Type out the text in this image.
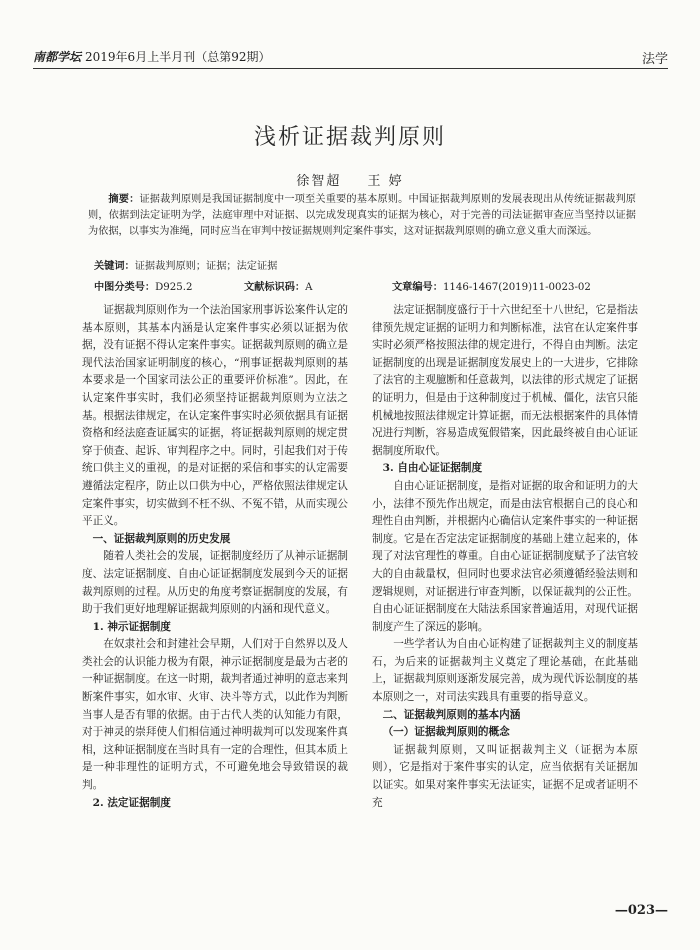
南都学坛 2019年6月上半月刊（总第92期）	法学
浅析证据裁判原则
徐智超 王 婷
摘要：证据裁判原则是我国证据制度中一项至关重要的基本原则。中国证据裁判原则的发展表现出从传统证据裁判原则，依据到法定证明为学，法庭审理中对证据、以完成发现真实的证据为核心，对于完善的司法证据审查应当坚持以证据为依据，以事实为准绳，同时应当在审判中按证据规则判定案件事实，这对证据裁判原则的确立意义重大而深远。
关键词：证据裁判原则；证据；法定证据
中图分类号：D925.2	文献标识码：A	文章编号：1146-1467(2019)11-0023-02

证据裁判原则作为一个法治国家刑事诉讼案件认定的基本原则，其基本内涵是认定案件事实必须以证据为依据，没有证据不得认定案件事实。证据裁判原则的确立是现代法治国家证明制度的核心，“刑事证据裁判原则的基本要求是一个国家司法公正的重要评价标准”。因此，在认定案件事实时，我们必须坚持证据裁判原则为立法之基。根据法律规定，在认定案件事实时必须依据具有证据资格和经法庭查证属实的证据，将证据裁判原则的规定贯穿于侦查、起诉、审判程序之中。同时，引起我们对于传统口供主义的重视，的是对证据的采信和事实的认定需要遵循法定程序，防止以口供为中心，严格依照法律规定认定案件事实，切实做到不枉不纵、不冤不错，从而实现公平正义。

一、证据裁判原则的历史发展

随着人类社会的发展，证据制度经历了从神示证据制度、法定证据制度、自由心证证据制度发展到今天的证据裁判原则的过程。从历史的角度考察证据制度的发展，有助于我们更好地理解证据裁判原则的内涵和现代意义。

1. 神示证据制度

在奴隶社会和封建社会早期，人们对于自然界以及人类社会的认识能力极为有限，神示证据制度是最为古老的一种证据制度。在这一时期，裁判者通过神明的意志来判断案件事实，如水审、火审、决斗等方式，以此作为判断当事人是否有罪的依据。由于古代人类的认知能力有限，对于神灵的崇拜使人们相信通过神明裁判可以发现案件真相，这种证据制度在当时具有一定的合理性，但其本质上是一种非理性的证明方式，不可避免地会导致错误的裁判。

2. 法定证据制度

法定证据制度盛行于十六世纪至十八世纪，它是指法律预先规定证据的证明力和判断标准，法官在认定案件事实时必须严格按照法律的规定进行，不得自由判断。法定证据制度的出现是证据制度发展史上的一大进步，它排除了法官的主观臆断和任意裁判，以法律的形式规定了证据的证明力，但是由于这种制度过于机械、僵化，法官只能机械地按照法律规定计算证据，而无法根据案件的具体情况进行判断，容易造成冤假错案，因此最终被自由心证证据制度所取代。

3. 自由心证证据制度

自由心证证据制度，是指对证据的取舍和证明力的大小，法律不预先作出规定，而是由法官根据自己的良心和理性自由判断，并根据内心确信认定案件事实的一种证据制度。它是在否定法定证据制度的基础上建立起来的，体现了对法官理性的尊重。自由心证证据制度赋予了法官较大的自由裁量权，但同时也要求法官必须遵循经验法则和逻辑规则，对证据进行审查判断，以保证裁判的公正性。自由心证证据制度在大陆法系国家普遍适用，对现代证据制度产生了深远的影响。

一些学者认为自由心证构建了证据裁判主义的制度基石，为后来的证据裁判主义奠定了理论基础，在此基础上，证据裁判原则逐渐发展完善，成为现代诉讼制度的基本原则之一，对司法实践具有重要的指导意义。

二、证据裁判原则的基本内涵

（一）证据裁判原则的概念

证据裁判原则，又叫证据裁判主义（证据为本原则），它是指对于案件事实的认定，应当依据有关证据加以证实。如果对案件事实无法证实，证据不足或者证明不充

—023—
